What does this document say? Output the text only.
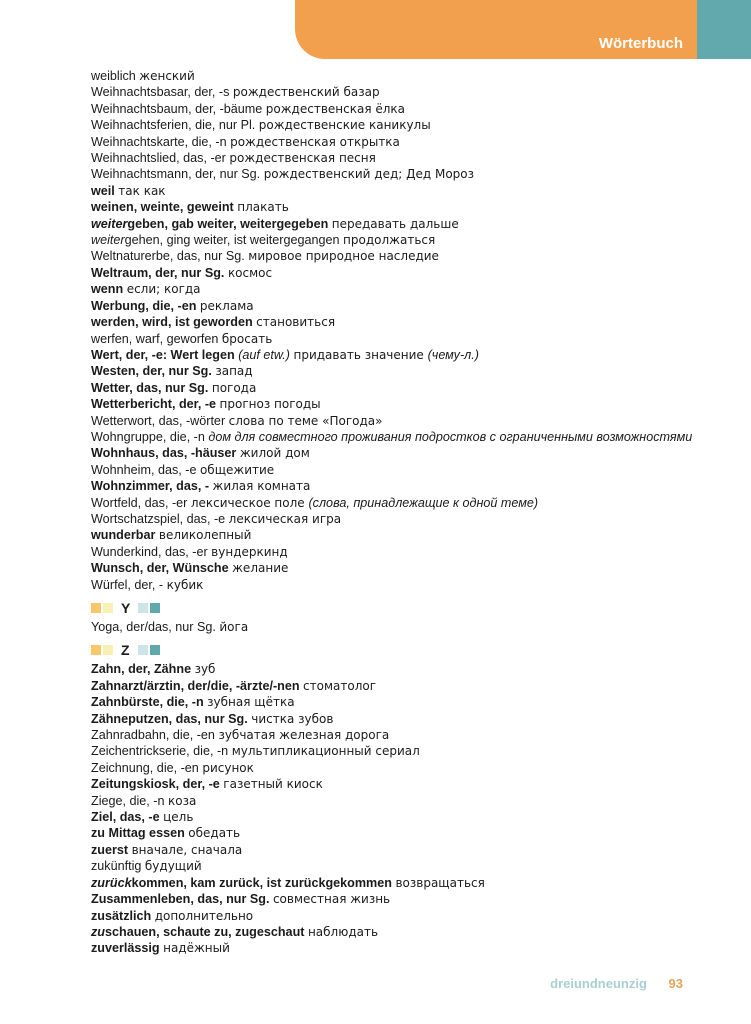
Wörterbuch
weiblich женский
Weihnachtsbasar, der, -s рождественский базар
Weihnachtsbaum, der, -bäume рождественская ёлка
Weihnachtsferien, die, nur Pl. рождественские каникулы
Weihnachtskarte, die, -n рождественская открытка
Weihnachtslied, das, -er рождественская песня
Weihnachtsmann, der, nur Sg. рождественский дед; Дед Мороз
weil так как
weinen, weinte, geweint плакать
weitergeben, gab weiter, weitergegeben передавать дальше
weitergehen, ging weiter, ist weitergegangen продолжаться
Weltnaturerbe, das, nur Sg. мировое природное наследие
Weltraum, der, nur Sg. космос
wenn если; когда
Werbung, die, -en реклама
werden, wird, ist geworden становиться
werfen, warf, geworfen бросать
Wert, der, -e: Wert legen (auf etw.) придавать значение (чему-л.)
Westen, der, nur Sg. запад
Wetter, das, nur Sg. погода
Wetterbericht, der, -e прогноз погоды
Wetterwort, das, -wörter слова по теме «Погода»
Wohngruppe, die, -n дом для совместного проживания подростков с ограниченными возможностями
Wohnhaus, das, -häuser жилой дом
Wohnheim, das, -e общежитие
Wohnzimmer, das, - жилая комната
Wortfeld, das, -er лексическое поле (слова, принадлежащие к одной теме)
Wortschatzspiel, das, -e лексическая игра
wunderbar великолепный
Wunderkind, das, -er вундеркинд
Wunsch, der, Wünsche желание
Würfel, der, - кубик
Y
Yoga, der/das, nur Sg. йога
Z
Zahn, der, Zähne зуб
Zahnarzt/ärztin, der/die, -ärzte/-nen стоматолог
Zahnbürste, die, -n зубная щётка
Zähneputzen, das, nur Sg. чистка зубов
Zahnradbahn, die, -en зубчатая железная дорога
Zeichentrickserie, die, -n мультипликационный сериал
Zeichnung, die, -en рисунок
Zeitungskiosk, der, -e газетный киоск
Ziege, die, -n коза
Ziel, das, -e цель
zu Mittag essen обедать
zuerst вначале, сначала
zukünftig будущий
zurückkommen, kam zurück, ist zurückgekommen возвращаться
Zusammenleben, das, nur Sg. совместная жизнь
zusätzlich дополнительно
zuschauen, schaute zu, zugeschaut наблюдать
zuverlässig надёжный
dreiundneunzig 93
